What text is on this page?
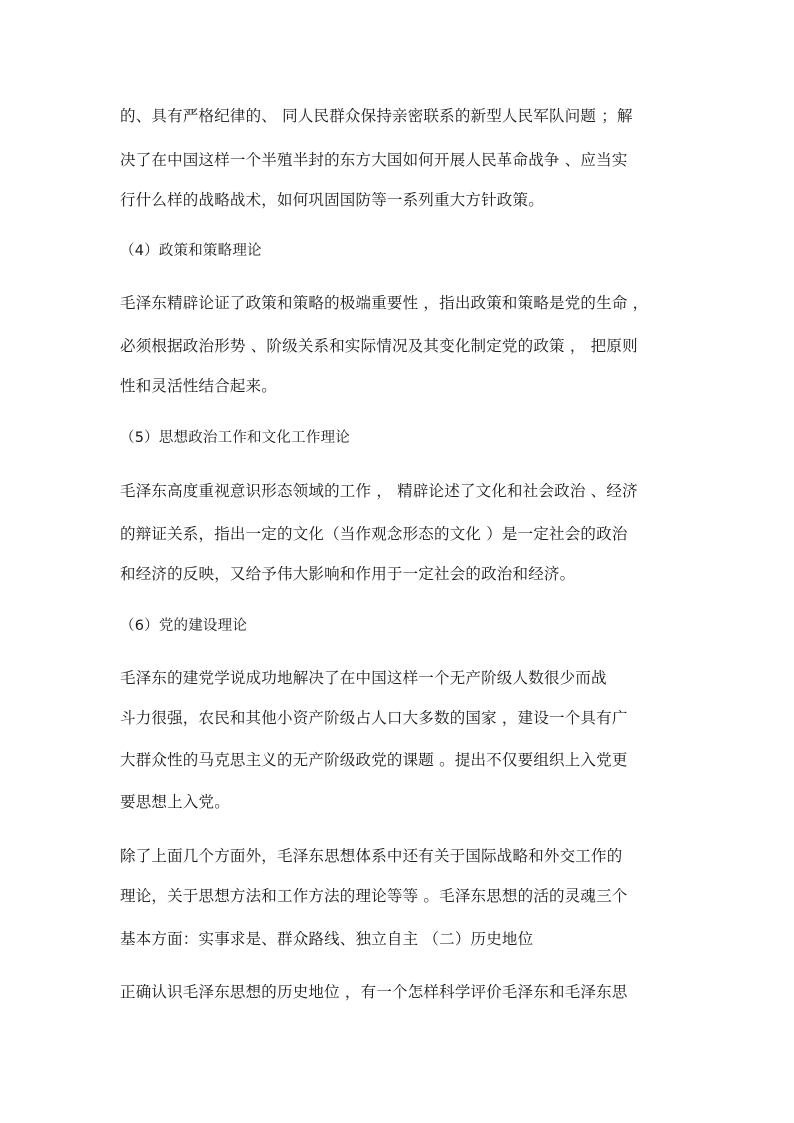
的、具有严格纪律的、 同人民群众保持亲密联系的新型人民军队问题 ；解
决了在中国这样一个半殖半封的东方大国如何开展人民革命战争 、应当实
行什么样的战略战术，如何巩固国防等一系列重大方针政策。
（4）政策和策略理论
毛泽东精辟论证了政策和策略的极端重要性 ，指出政策和策略是党的生命 ，
必须根据政治形势 、阶级关系和实际情况及其变化制定党的政策 ， 把原则
性和灵活性结合起来。
（5）思想政治工作和文化工作理论
毛泽东高度重视意识形态领域的工作 ， 精辟论述了文化和社会政治 、经济
的辩证关系，指出一定的文化（当作观念形态的文化 ）是一定社会的政治
和经济的反映，又给予伟大影响和作用于一定社会的政治和经济。
（6）党的建设理论
毛泽东的建党学说成功地解决了在中国这样一个无产阶级人数很少而战
斗力很强，农民和其他小资产阶级占人口大多数的国家 ，建设一个具有广
大群众性的马克思主义的无产阶级政党的课题 。提出不仅要组织上入党更
要思想上入党。
除了上面几个方面外，毛泽东思想体系中还有关于国际战略和外交工作的
理论，关于思想方法和工作方法的理论等等 。毛泽东思想的活的灵魂三个
基本方面：实事求是、群众路线、独立自主 （二）历史地位
正确认识毛泽东思想的历史地位 ，有一个怎样科学评价毛泽东和毛泽东思
